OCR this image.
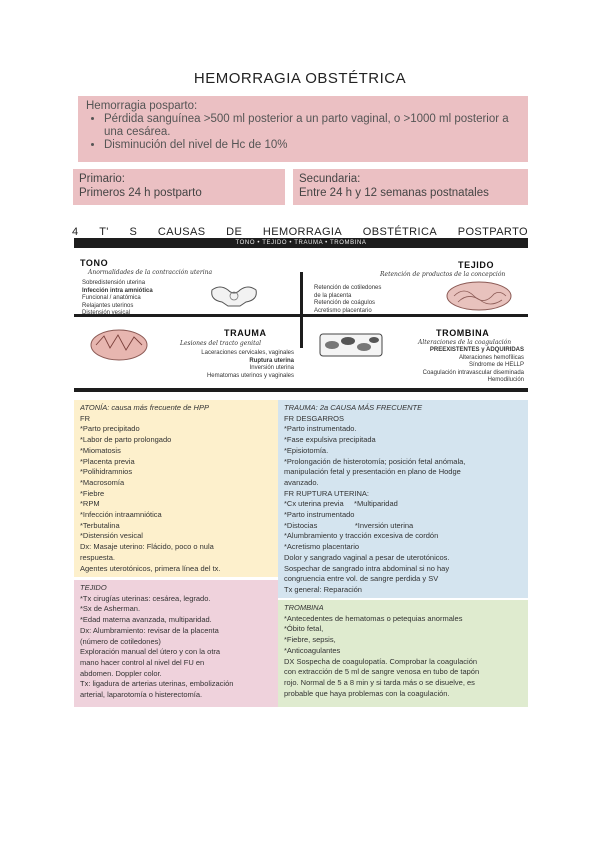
HEMORRAGIA OBSTÉTRICA
Hemorragia posparto:
• Pérdida sanguínea >500 ml posterior a un parto vaginal, o >1000 ml posterior a una cesárea.
• Disminución del nivel de Hc de 10%
Primario:
Primeros 24 h postparto
Secundaria:
Entre 24 h y 12 semanas postnatales
4 T' S CAUSAS DE HEMORRAGIA OBSTÉTRICA POSTPARTO
TONO • TEJIDO • TRAUMA • TROMBINA
TONO
Anormalidades de la contracción uterina
Sobredistensión uterina
Infección intra amniótica
Funcional / anatómica
Relajantes uterinos
Distensión vesical
TEJIDO
Retención de productos de la concepción
Retención de cotiledones
de la placenta
Retención de coágulos
Acretismo placentario
TRAUMA
Lesiones del tracto genital
Laceraciones cervicales, vaginales
Ruptura uterina
Inversión uterina
Hematomas uterinos y vaginales
TROMBINA
Alteraciones de la coagulación
PREEXISTENTES y ADQUIRIDAS
Alteraciones hemofílicas
Síndrome de HELLP
Coagulación intravascular diseminada
Hemodilución
ATONÍA: causa más frecuente de HPP
FR
*Parto precipitado
*Labor de parto prolongado
*Miomatosis
*Placenta previa
*Polihidramnios
*Macrosomía
*Fiebre
*RPM
*Infección intraamniótica
*Terbutalina
*Distensión vesical
Dx: Masaje uterino: Flácido, poco o nula
respuesta.
Agentes uterotónicos, primera línea del tx.
TRAUMA: 2a CAUSA MÁS FRECUENTE
FR DESGARROS
*Parto instrumentado.
*Fase expulsiva precipitada
*Episiotomía.
*Prolongación de histerotomía; posición fetal anómala,
manipulación fetal y presentación en plano de Hodge
avanzado.
FR RUPTURA UTERINA:
*Cx uterina previa     *Multiparidad
*Parto instrumentado
*Distocias                  *Inversión uterina
*Alumbramiento y tracción excesiva de cordón
*Acretismo placentario
Dolor y sangrado vaginal a pesar de uterotónicos.
Sospechar de sangrado intra abdominal si no hay
congruencia entre vol. de sangre perdida y SV
Tx general: Reparación
TEJIDO
*Tx cirugías uterinas: cesárea, legrado.
*Sx de Asherman.
*Edad materna avanzada, multiparidad.
Dx: Alumbramiento: revisar de la placenta
(número de cotiledones)
Exploración manual del útero y con la otra
mano hacer control al nivel del FU en
abdomen. Doppler color.
Tx: ligadura de arterias uterinas, embolización
arterial, laparotomía o histerectomía.
TROMBINA
*Antecedentes de hematomas o petequias anormales
*Óbito fetal,
*Fiebre, sepsis,
*Anticoagulantes
DX Sospecha de coagulopatía. Comprobar la coagulación
con extracción de 5 ml de sangre venosa en tubo de tapón
rojo. Normal de 5 a 8 min y si tarda más o se disuelve, es
probable que haya problemas con la coagulación.
